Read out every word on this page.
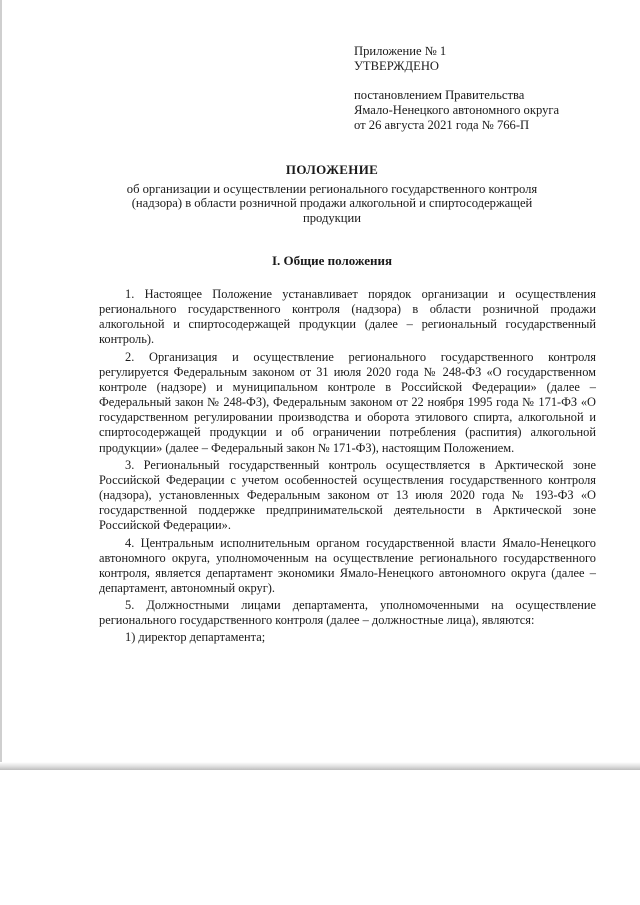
Приложение № 1
УТВЕРЖДЕНО
постановлением Правительства
Ямало-Ненецкого автономного округа
от 26 августа 2021 года № 766-П
ПОЛОЖЕНИЕ
об организации и осуществлении регионального государственного контроля
(надзора) в области розничной продажи алкогольной и спиртосодержащей
продукции
I. Общие положения

1. Настоящее Положение устанавливает порядок организации и осуществления регионального государственного контроля (надзора) в области розничной продажи алкогольной и спиртосодержащей продукции (далее – региональный государственный контроль).

2. Организация и осуществление регионального государственного контроля регулируется Федеральным законом от 31 июля 2020 года № 248-ФЗ «О государственном контроле (надзоре) и муниципальном контроле в Российской Федерации» (далее – Федеральный закон № 248-ФЗ), Федеральным законом от 22 ноября 1995 года № 171-ФЗ «О государственном регулировании производства и оборота этилового спирта, алкогольной и спиртосодержащей продукции и об ограничении потребления (распития) алкогольной продукции» (далее – Федеральный закон № 171-ФЗ), настоящим Положением.

3. Региональный государственный контроль осуществляется в Арктической зоне Российской Федерации с учетом особенностей осуществления государственного контроля (надзора), установленных Федеральным законом от 13 июля 2020 года № 193-ФЗ «О государственной поддержке предпринимательской деятельности в Арктической зоне Российской Федерации».

4. Центральным исполнительным органом государственной власти Ямало-Ненецкого автономного округа, уполномоченным на осуществление регионального государственного контроля, является департамент экономики Ямало-Ненецкого автономного округа (далее – департамент, автономный округ).

5. Должностными лицами департамента, уполномоченными на осуществление регионального государственного контроля (далее – должностные лица), являются:

1) директор департамента;
